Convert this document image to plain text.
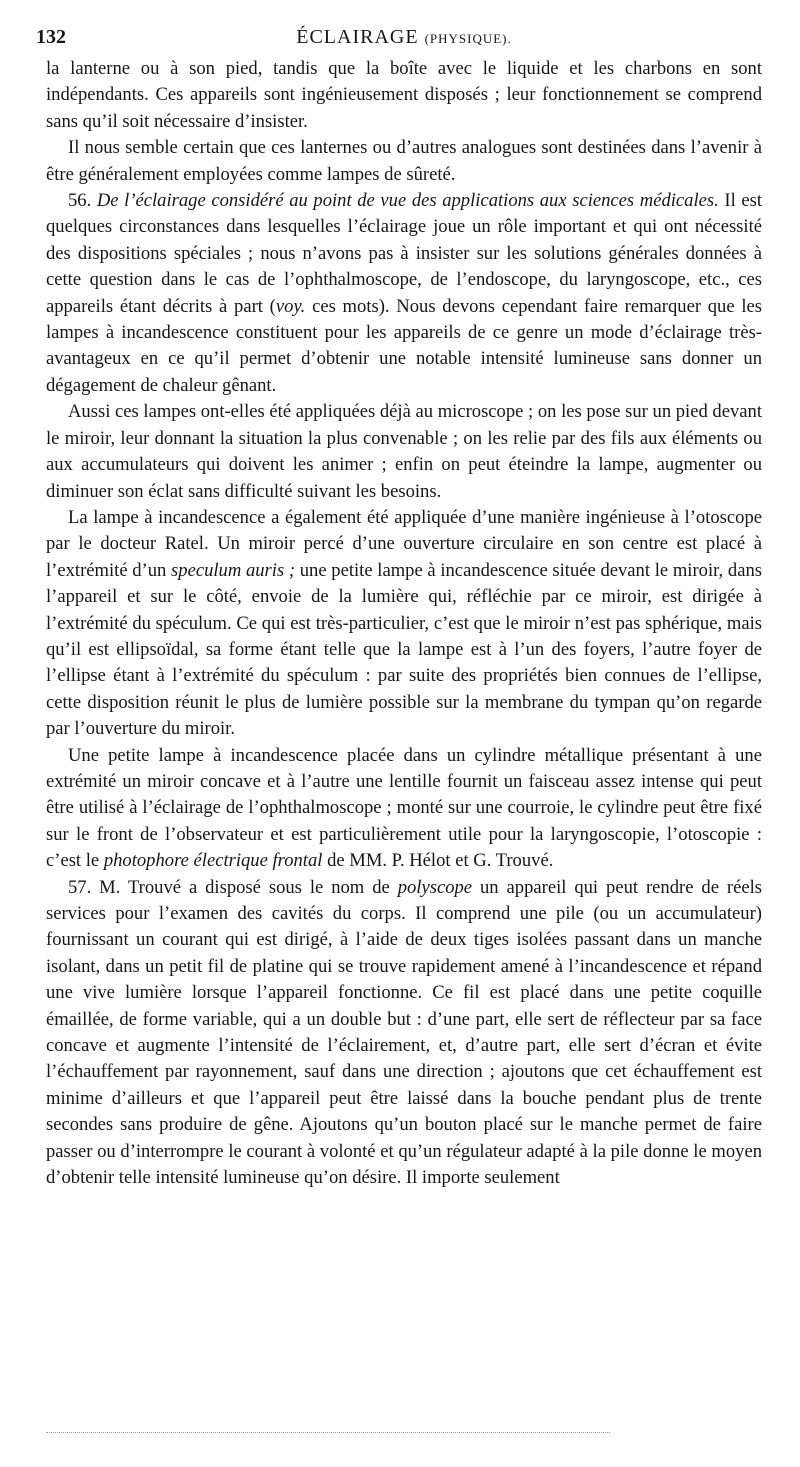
132	ÉCLAIRAGE (PHYSIQUE).

la lanterne ou à son pied, tandis que la boîte avec le liquide et les charbons en sont indépendants. Ces appareils sont ingénieusement disposés ; leur fonctionnement se comprend sans qu’il soit nécessaire d’insister.

Il nous semble certain que ces lanternes ou d’autres analogues sont destinées dans l’avenir à être généralement employées comme lampes de sûreté.

56. De l’éclairage considéré au point de vue des applications aux sciences médicales. Il est quelques circonstances dans lesquelles l’éclairage joue un rôle important et qui ont nécessité des dispositions spéciales ; nous n’avons pas à insister sur les solutions générales données à cette question dans le cas de l’ophthalmoscope, de l’endoscope, du laryngoscope, etc., ces appareils étant décrits à part (voy. ces mots). Nous devons cependant faire remarquer que les lampes à incandescence constituent pour les appareils de ce genre un mode d’éclairage très-avantageux en ce qu’il permet d’obtenir une notable intensité lumineuse sans donner un dégagement de chaleur gênant.

Aussi ces lampes ont-elles été appliquées déjà au microscope ; on les pose sur un pied devant le miroir, leur donnant la situation la plus convenable ; on les relie par des fils aux éléments ou aux accumulateurs qui doivent les animer ; enfin on peut éteindre la lampe, augmenter ou diminuer son éclat sans difficulté suivant les besoins.

La lampe à incandescence a également été appliquée d’une manière ingénieuse à l’otoscope par le docteur Ratel. Un miroir percé d’une ouverture circulaire en son centre est placé à l’extrémité d’un speculum auris ; une petite lampe à incandescence située devant le miroir, dans l’appareil et sur le côté, envoie de la lumière qui, réfléchie par ce miroir, est dirigée à l’extrémité du spéculum. Ce qui est très-particulier, c’est que le miroir n’est pas sphérique, mais qu’il est ellipsoïdal, sa forme étant telle que la lampe est à l’un des foyers, l’autre foyer de l’ellipse étant à l’extrémité du spéculum : par suite des propriétés bien connues de l’ellipse, cette disposition réunit le plus de lumière possible sur la membrane du tympan qu’on regarde par l’ouverture du miroir.

Une petite lampe à incandescence placée dans un cylindre métallique présentant à une extrémité un miroir concave et à l’autre une lentille fournit un faisceau assez intense qui peut être utilisé à l’éclairage de l’ophthalmoscope ; monté sur une courroie, le cylindre peut être fixé sur le front de l’observateur et est particulièrement utile pour la laryngoscopie, l’otoscopie : c’est le photophore électrique frontal de MM. P. Hélot et G. Trouvé.

57. M. Trouvé a disposé sous le nom de polyscope un appareil qui peut rendre de réels services pour l’examen des cavités du corps. Il comprend une pile (ou un accumulateur) fournissant un courant qui est dirigé, à l’aide de deux tiges isolées passant dans un manche isolant, dans un petit fil de platine qui se trouve rapidement amené à l’incandescence et répand une vive lumière lorsque l’appareil fonctionne. Ce fil est placé dans une petite coquille émaillée, de forme variable, qui a un double but : d’une part, elle sert de réflecteur par sa face concave et augmente l’intensité de l’éclairement, et, d’autre part, elle sert d’écran et évite l’échauffement par rayonnement, sauf dans une direction ; ajoutons que cet échauffement est minime d’ailleurs et que l’appareil peut être laissé dans la bouche pendant plus de trente secondes sans produire de gêne. Ajoutons qu’un bouton placé sur le manche permet de faire passer ou d’interrompre le courant à volonté et qu’un régulateur adapté à la pile donne le moyen d’obtenir telle intensité lumineuse qu’on désire. Il importe seulement
